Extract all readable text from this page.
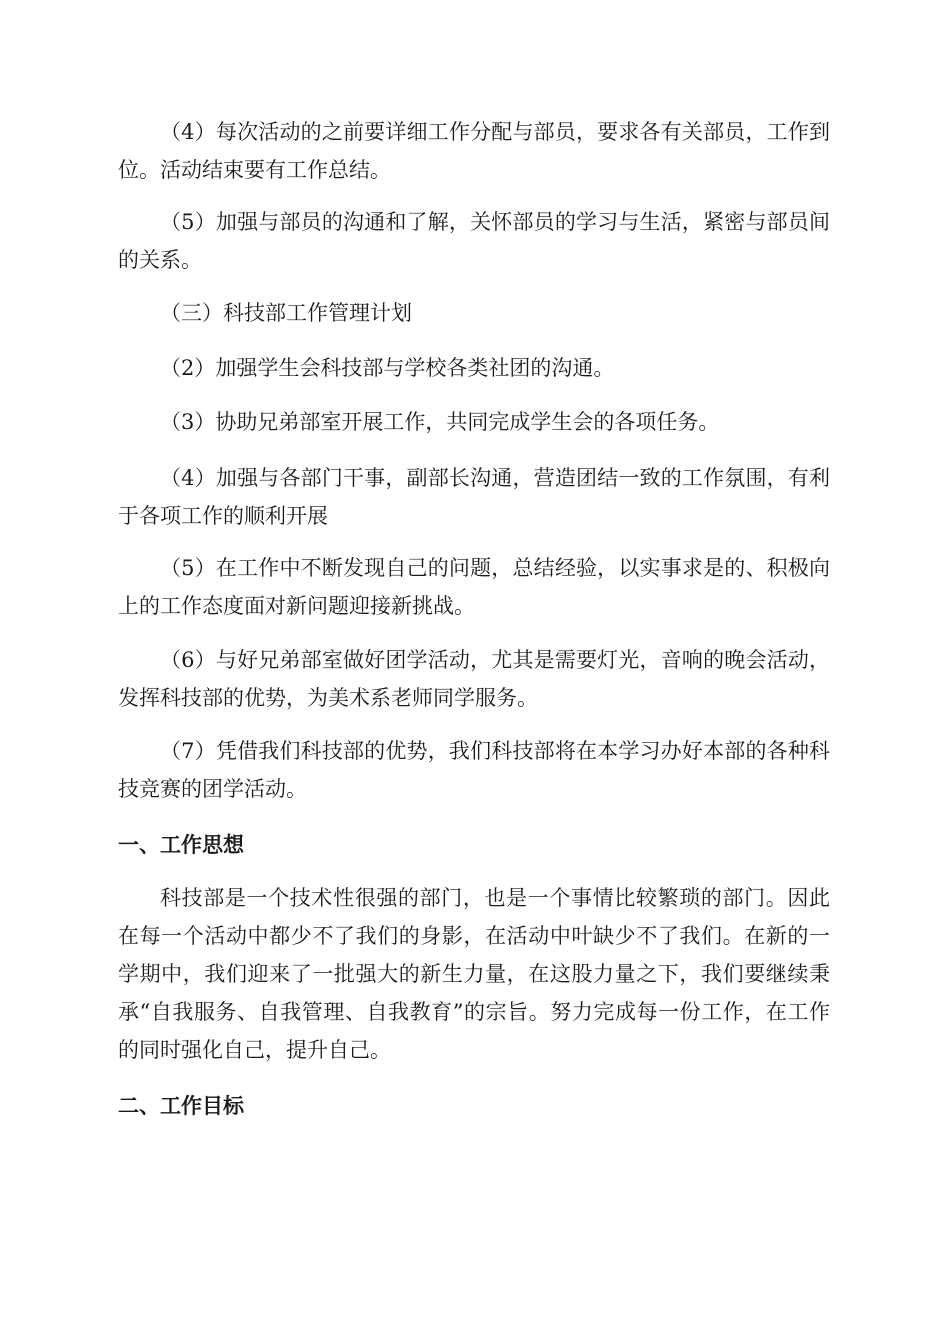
（4）每次活动的之前要详细工作分配与部员，要求各有关部员，工作到位。活动结束要有工作总结。

（5）加强与部员的沟通和了解，关怀部员的学习与生活，紧密与部员间的关系。

（三）科技部工作管理计划

（2）加强学生会科技部与学校各类社团的沟通。

（3）协助兄弟部室开展工作，共同完成学生会的各项任务。

（4）加强与各部门干事，副部长沟通，营造团结一致的工作氛围，有利于各项工作的顺利开展

（5）在工作中不断发现自己的问题，总结经验，以实事求是的、积极向上的工作态度面对新问题迎接新挑战。

（6）与好兄弟部室做好团学活动，尤其是需要灯光，音响的晚会活动，发挥科技部的优势，为美术系老师同学服务。

（7）凭借我们科技部的优势，我们科技部将在本学习办好本部的各种科技竞赛的团学活动。

一、工作思想

科技部是一个技术性很强的部门，也是一个事情比较繁琐的部门。因此在每一个活动中都少不了我们的身影，在活动中叶缺少不了我们。在新的一学期中，我们迎来了一批强大的新生力量，在这股力量之下，我们要继续秉承“自我服务、自我管理、自我教育”的宗旨。努力完成每一份工作，在工作的同时强化自己，提升自己。

二、工作目标
